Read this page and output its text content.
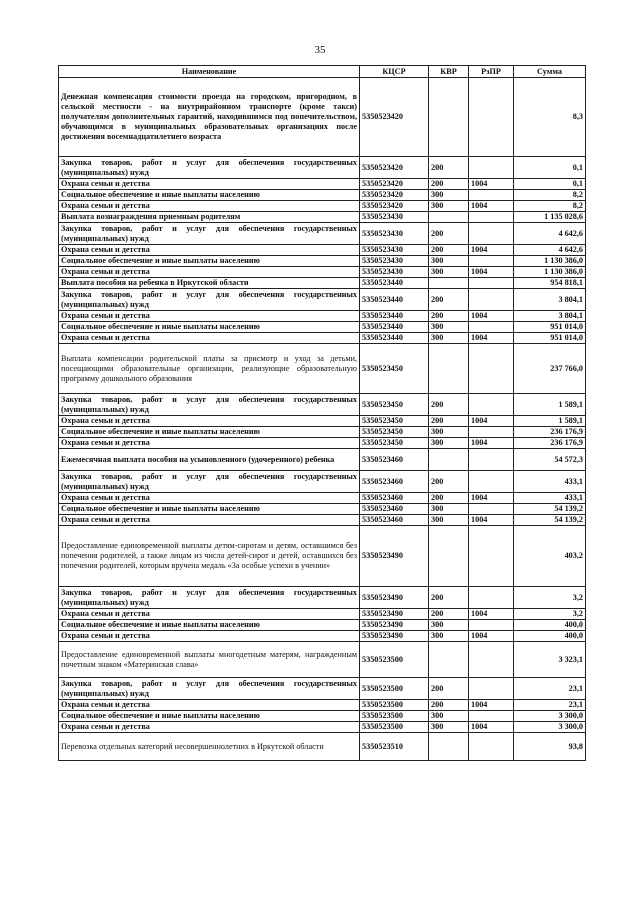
35
Наименование	КЦСР	КВР	РзПР	Сумма
Денежная компенсация стоимости проезда на городском, пригородном, в сельской местности - на внутрирайонном транспорте (кроме такси) получателям дополнительных гарантий, находившимся под попечительством, обучающимся в муниципальных образовательных организациях после достижения восемнадцатилетнего возраста	5350523420			8,3
Закупка товаров, работ и услуг для обеспечения государственных (муниципальных) нужд	5350523420	200		0,1
Охрана семьи и детства	5350523420	200	1004	0,1
Социальное обеспечение и иные выплаты населению	5350523420	300		8,2
Охрана семьи и детства	5350523420	300	1004	8,2
Выплата вознаграждения приемным родителям	5350523430			1 135 028,6
Закупка товаров, работ и услуг для обеспечения государственных (муниципальных) нужд	5350523430	200		4 642,6
Охрана семьи и детства	5350523430	200	1004	4 642,6
Социальное обеспечение и иные выплаты населению	5350523430	300		1 130 386,0
Охрана семьи и детства	5350523430	300	1004	1 130 386,0
Выплата пособия на ребенка в Иркутской области	5350523440			954 818,1
Закупка товаров, работ и услуг для обеспечения государственных (муниципальных) нужд	5350523440	200		3 804,1
Охрана семьи и детства	5350523440	200	1004	3 804,1
Социальное обеспечение и иные выплаты населению	5350523440	300		951 014,0
Охрана семьи и детства	5350523440	300	1004	951 014,0
Выплата компенсации родительской платы за присмотр и уход за детьми, посещающими образовательные организации, реализующие образовательную программу дошкольного образования	5350523450			237 766,0
Закупка товаров, работ и услуг для обеспечения государственных (муниципальных) нужд	5350523450	200		1 589,1
Охрана семьи и детства	5350523450	200	1004	1 589,1
Социальное обеспечение и иные выплаты населению	5350523450	300		236 176,9
Охрана семьи и детства	5350523450	300	1004	236 176,9
Ежемесячная выплата пособия на усыновленного (удочеренного) ребенка	5350523460			54 572,3
Закупка товаров, работ и услуг для обеспечения государственных (муниципальных) нужд	5350523460	200		433,1
Охрана семьи и детства	5350523460	200	1004	433,1
Социальное обеспечение и иные выплаты населению	5350523460	300		54 139,2
Охрана семьи и детства	5350523460	300	1004	54 139,2
Предоставление единовременной выплаты детям-сиротам и детям, оставшимся без попечения родителей, а также лицам из числа детей-сирот и детей, оставшихся без попечения родителей, которым вручена медаль «За особые успехи в учении»	5350523490			403,2
Закупка товаров, работ и услуг для обеспечения государственных (муниципальных) нужд	5350523490	200		3,2
Охрана семьи и детства	5350523490	200	1004	3,2
Социальное обеспечение и иные выплаты населению	5350523490	300		400,0
Охрана семьи и детства	5350523490	300	1004	400,0
Предоставление единовременной выплаты многодетным матерям, награжденным почетным знаком «Материнская слава»	5350523500			3 323,1
Закупка товаров, работ и услуг для обеспечения государственных (муниципальных) нужд	5350523500	200		23,1
Охрана семьи и детства	5350523500	200	1004	23,1
Социальное обеспечение и иные выплаты населению	5350523500	300		3 300,0
Охрана семьи и детства	5350523500	300	1004	3 300,0
Перевозка отдельных категорий несовершеннолетних в Иркутской области	5350523510			93,8
